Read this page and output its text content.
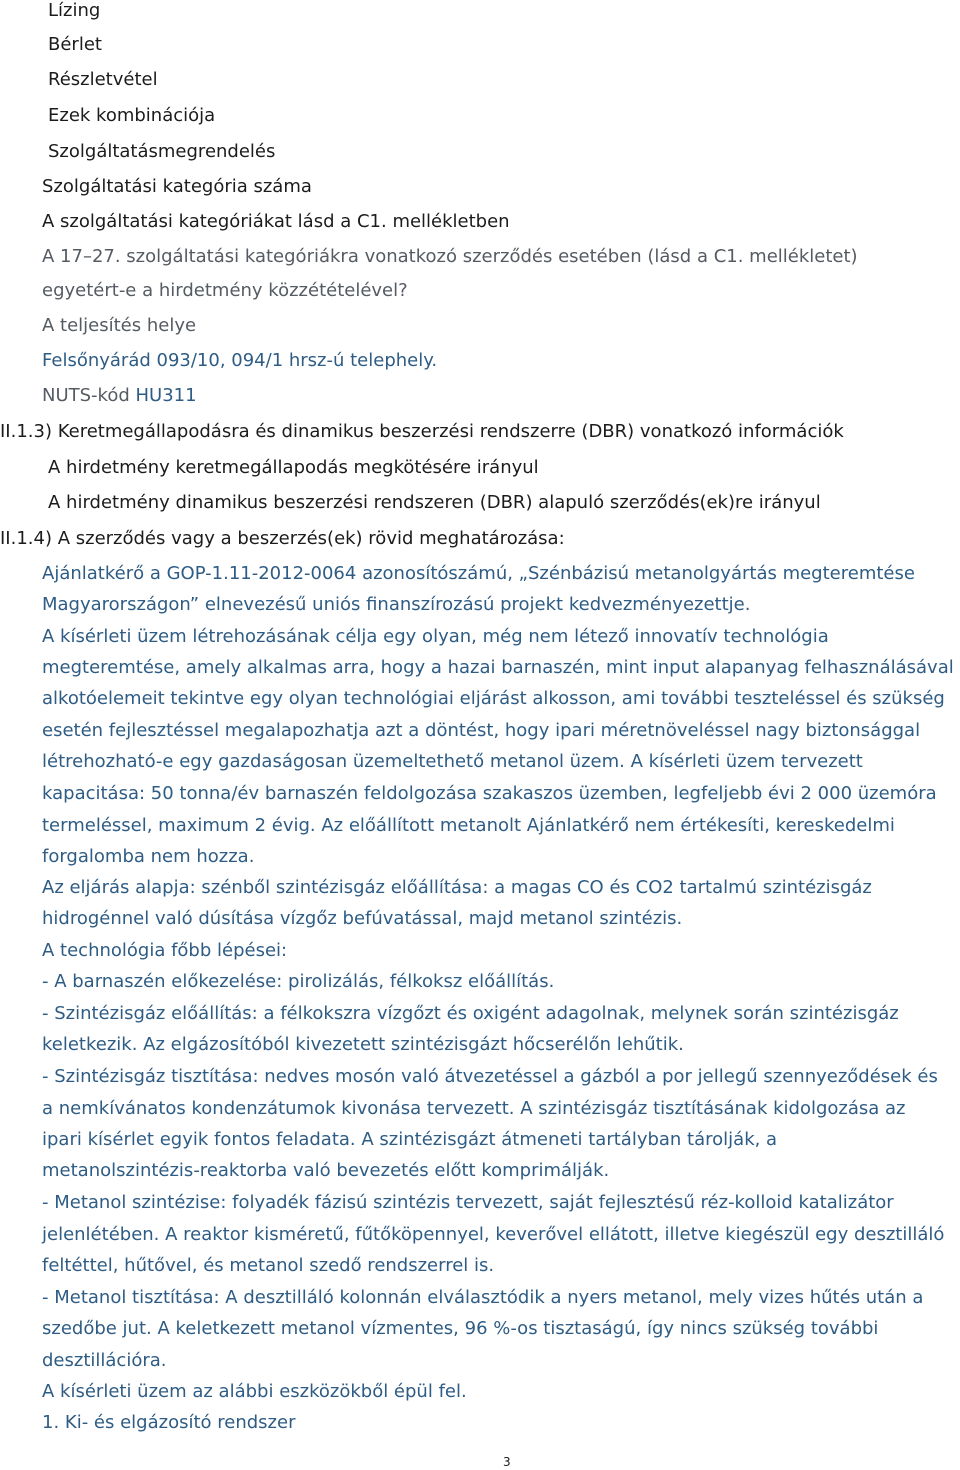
Lízing
Bérlet
Részletvétel
Ezek kombinációja
Szolgáltatásmegrendelés
Szolgáltatási kategória száma
A szolgáltatási kategóriákat lásd a C1. mellékletben
A 17–27. szolgáltatási kategóriákra vonatkozó szerződés esetében (lásd a C1. mellékletet)
egyetért-e a hirdetmény közzétételével?
A teljesítés helye
Felsőnyárád 093/10, 094/1 hrsz-ú telephely.
NUTS-kód HU311
II.1.3) Keretmegállapodásra és dinamikus beszerzési rendszerre (DBR) vonatkozó információk
A hirdetmény keretmegállapodás megkötésére irányul
A hirdetmény dinamikus beszerzési rendszeren (DBR) alapuló szerződés(ek)re irányul
II.1.4) A szerződés vagy a beszerzés(ek) rövid meghatározása:
Ajánlatkérő a GOP-1.11-2012-0064 azonosítószámú, „Szénbázisú metanolgyártás megteremtése
Magyarországon” elnevezésű uniós finanszírozású projekt kedvezményezettje.
A kísérleti üzem létrehozásának célja egy olyan, még nem létező innovatív technológia
megteremtése, amely alkalmas arra, hogy a hazai barnaszén, mint input alapanyag felhasználásával
alkotóelemeit tekintve egy olyan technológiai eljárást alkosson, ami további teszteléssel és szükség
esetén fejlesztéssel megalapozhatja azt a döntést, hogy ipari méretnöveléssel nagy biztonsággal
létrehozható-e egy gazdaságosan üzemeltethető metanol üzem. A kísérleti üzem tervezett
kapacitása: 50 tonna/év barnaszén feldolgozása szakaszos üzemben, legfeljebb évi 2 000 üzemóra
termeléssel, maximum 2 évig. Az előállított metanolt Ajánlatkérő nem értékesíti, kereskedelmi
forgalomba nem hozza.
Az eljárás alapja: szénből szintézisgáz előállítása: a magas CO és CO2 tartalmú szintézisgáz
hidrogénnel való dúsítása vízgőz befúvatással, majd metanol szintézis.
A technológia főbb lépései:
- A barnaszén előkezelése: pirolizálás, félkoksz előállítás.
- Szintézisgáz előállítás: a félkokszra vízgőzt és oxigént adagolnak, melynek során szintézisgáz
keletkezik. Az elgázosítóból kivezetett szintézisgázt hőcserélőn lehűtik.
- Szintézisgáz tisztítása: nedves mosón való átvezetéssel a gázból a por jellegű szennyeződések és
a nemkívánatos kondenzátumok kivonása tervezett. A szintézisgáz tisztításának kidolgozása az
ipari kísérlet egyik fontos feladata. A szintézisgázt átmeneti tartályban tárolják, a
metanolszintézis-reaktorba való bevezetés előtt komprimálják.
- Metanol szintézise: folyadék fázisú szintézis tervezett, saját fejlesztésű réz-kolloid katalizátor
jelenlétében. A reaktor kisméretű, fűtőköpennyel, keverővel ellátott, illetve kiegészül egy desztilláló
feltéttel, hűtővel, és metanol szedő rendszerrel is.
- Metanol tisztítása: A desztilláló kolonnán elválasztódik a nyers metanol, mely vizes hűtés után a
szedőbe jut. A keletkezett metanol vízmentes, 96 %-os tisztaságú, így nincs szükség további
desztillációra.
A kísérleti üzem az alábbi eszközökből épül fel.
1. Ki- és elgázosító rendszer
3
